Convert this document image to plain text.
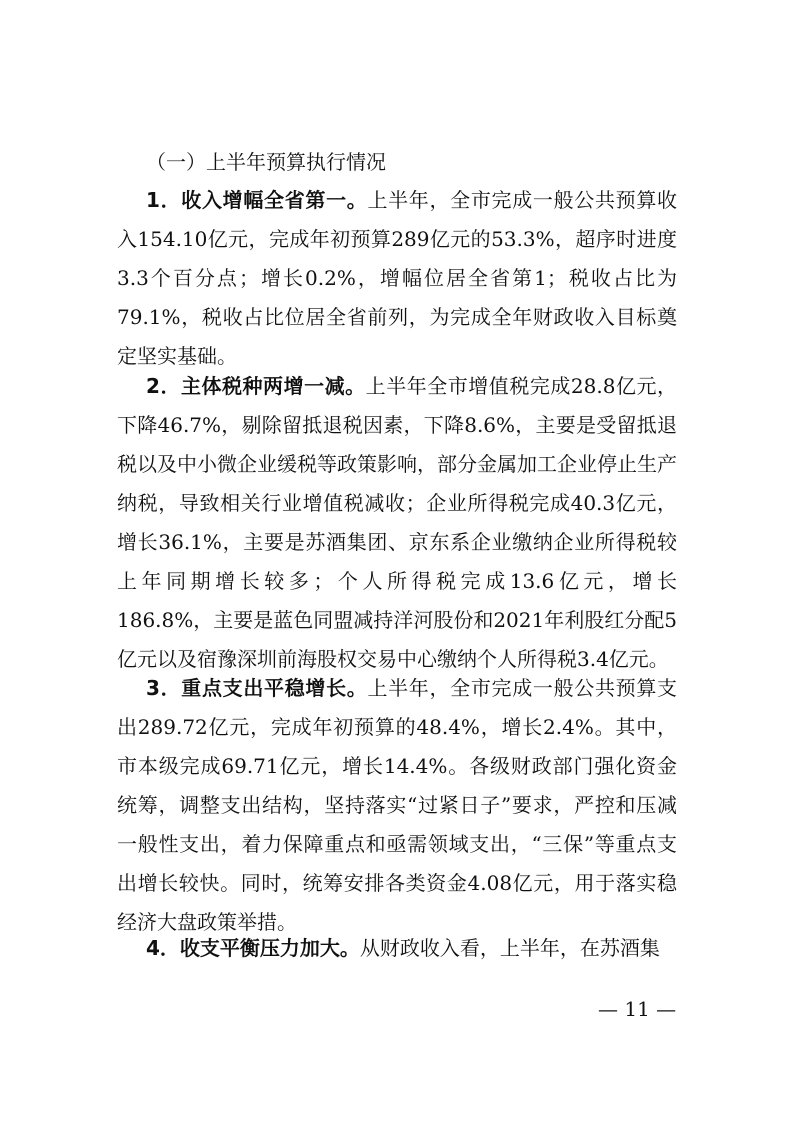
（一）上半年预算执行情况

1．收入增幅全省第一。上半年，全市完成一般公共预算收入154.10亿元，完成年初预算289亿元的53.3%，超序时进度3.3个百分点；增长0.2%，增幅位居全省第1；税收占比为79.1%，税收占比位居全省前列，为完成全年财政收入目标奠定坚实基础。

2．主体税种两增一减。上半年全市增值税完成28.8亿元，下降46.7%，剔除留抵退税因素，下降8.6%，主要是受留抵退税以及中小微企业缓税等政策影响，部分金属加工企业停止生产纳税，导致相关行业增值税减收；企业所得税完成40.3亿元，增长36.1%，主要是苏酒集团、京东系企业缴纳企业所得税较上年同期增长较多；个人所得税完成13.6亿元，增长186.8%，主要是蓝色同盟减持洋河股份和2021年利股红分配5亿元以及宿豫深圳前海股权交易中心缴纳个人所得税3.4亿元。

3．重点支出平稳增长。上半年，全市完成一般公共预算支出289.72亿元，完成年初预算的48.4%，增长2.4%。其中，市本级完成69.71亿元，增长14.4%。各级财政部门强化资金统筹，调整支出结构，坚持落实“过紧日子”要求，严控和压减一般性支出，着力保障重点和亟需领域支出，“三保”等重点支出增长较快。同时，统筹安排各类资金4.08亿元，用于落实稳经济大盘政策举措。

4．收支平衡压力加大。从财政收入看，上半年，在苏酒集

— 11 —
